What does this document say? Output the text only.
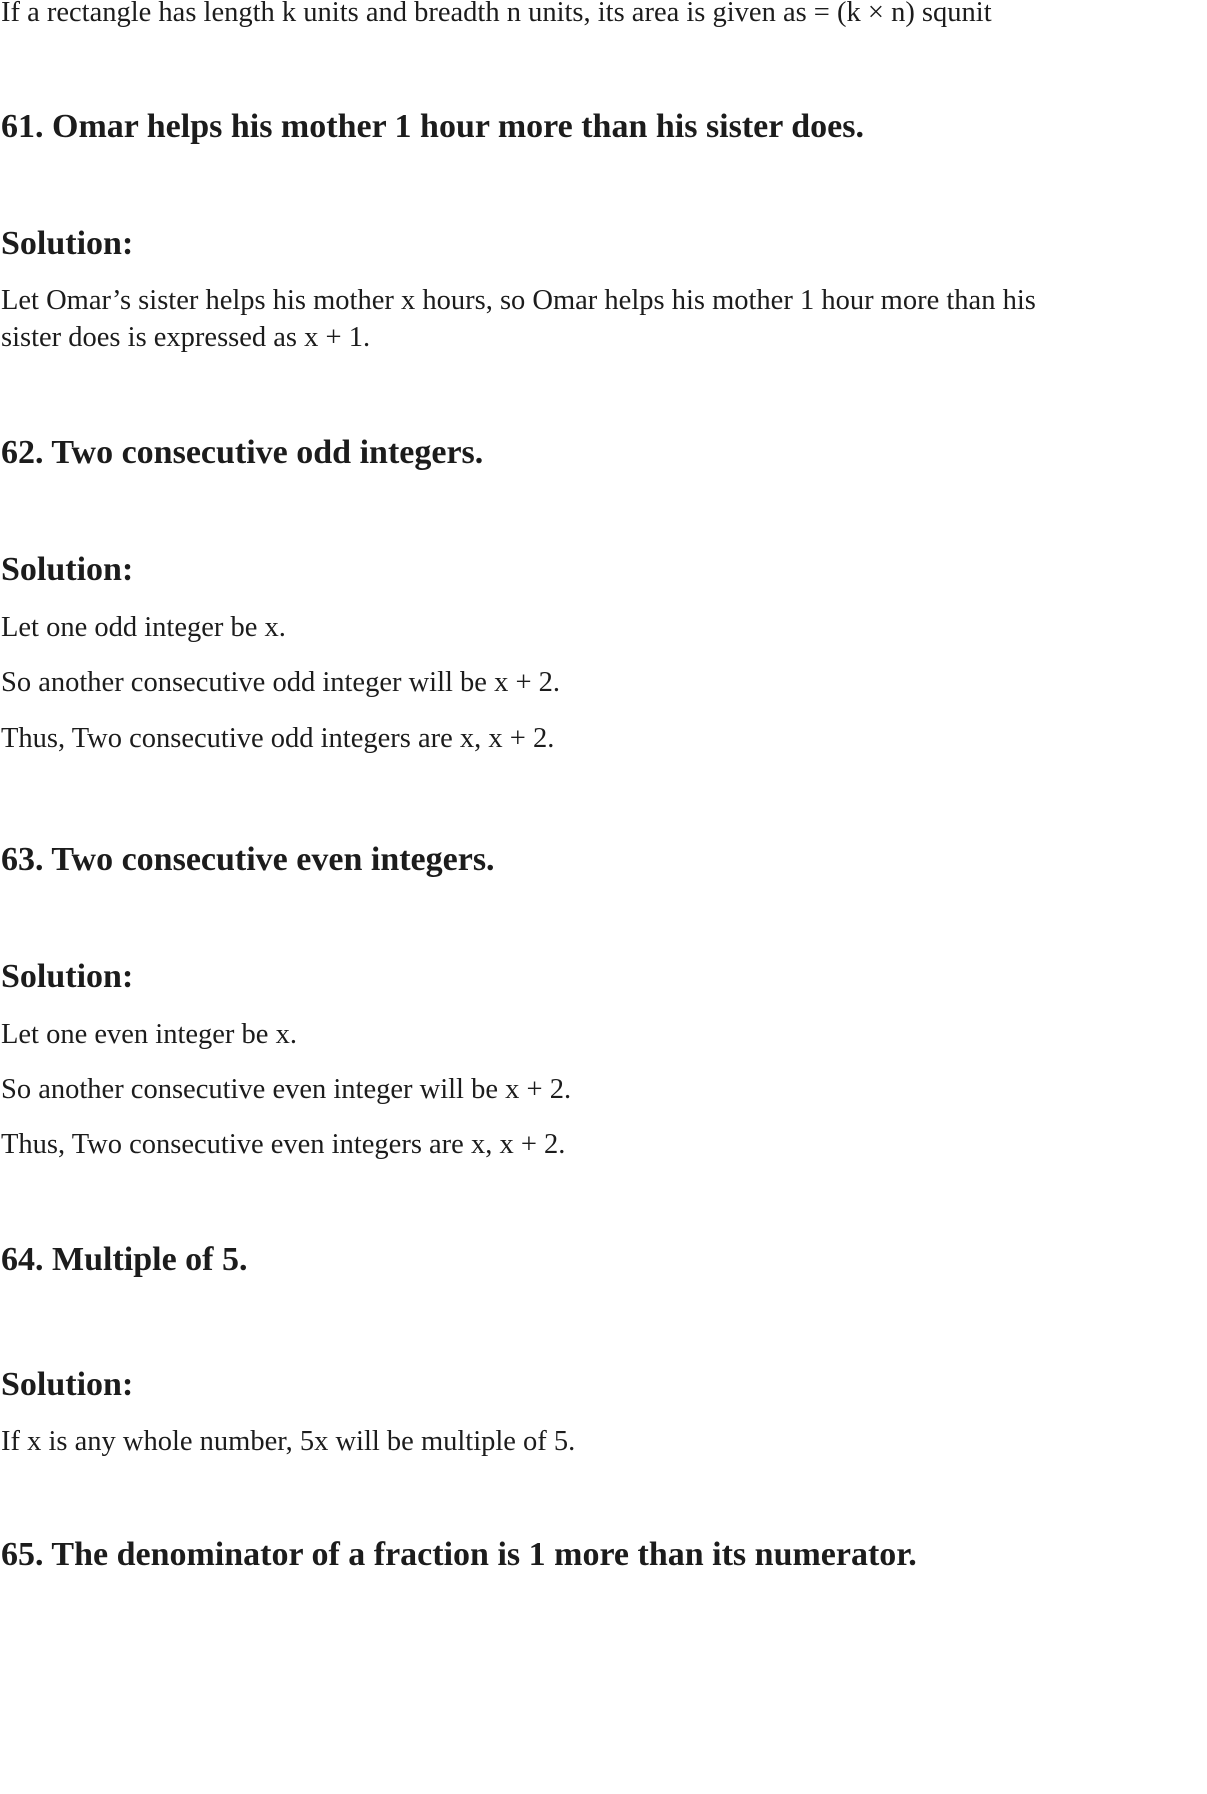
If a rectangle has length k units and breadth n units, its area is given as = (k × n) squnit
61. Omar helps his mother 1 hour more than his sister does.
Solution:
Let Omar’s sister helps his mother x hours, so Omar helps his mother 1 hour more than his
sister does is expressed as x + 1.
62. Two consecutive odd integers.
Solution:
Let one odd integer be x.
So another consecutive odd integer will be x + 2.
Thus, Two consecutive odd integers are x, x + 2.
63. Two consecutive even integers.
Solution:
Let one even integer be x.
So another consecutive even integer will be x + 2.
Thus, Two consecutive even integers are x, x + 2.
64. Multiple of 5.
Solution:
If x is any whole number, 5x will be multiple of 5.
65. The denominator of a fraction is 1 more than its numerator.
